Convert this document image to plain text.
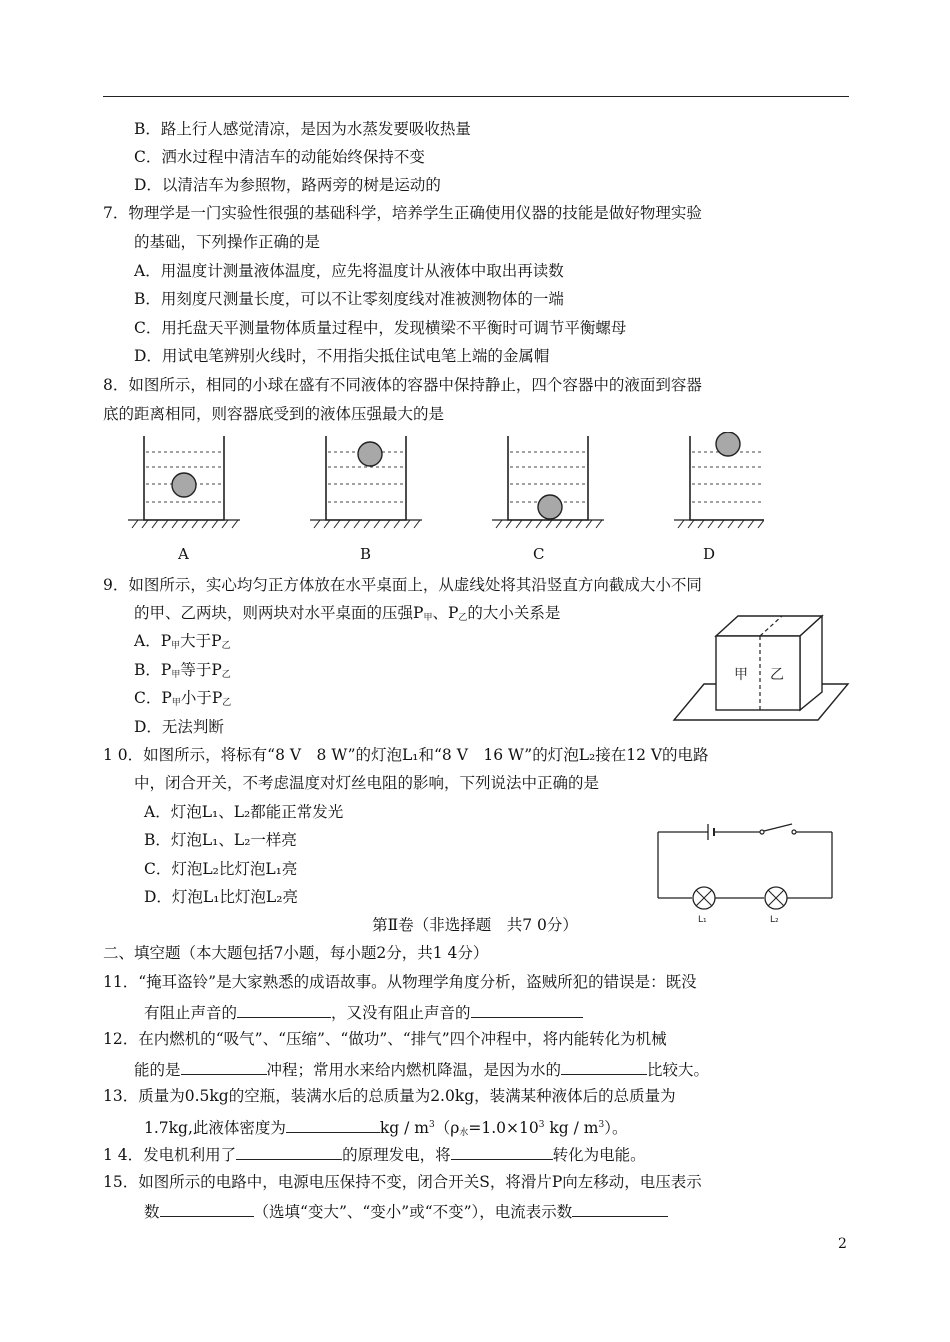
B．路上行人感觉清凉，是因为水蒸发要吸收热量
C．洒水过程中清洁车的动能始终保持不变
D．以清洁车为参照物，路两旁的树是运动的
7．物理学是一门实验性很强的基础科学，培养学生正确使用仪器的技能是做好物理实验
的基础，下列操作正确的是
A．用温度计测量液体温度，应先将温度计从液体中取出再读数
B．用刻度尺测量长度，可以不让零刻度线对准被测物体的一端
C．用托盘天平测量物体质量过程中，发现横梁不平衡时可调节平衡螺母
D．用试电笔辨别火线时，不用指尖抵住试电笔上端的金属帽
8．如图所示，相同的小球在盛有不同液体的容器中保持静止，四个容器中的液面到容器
底的距离相同，则容器底受到的液体压强最大的是
A	B	C	D
9．如图所示，实心均匀正方体放在水平桌面上，从虚线处将其沿竖直方向截成大小不同
的甲、乙两块，则两块对水平桌面的压强$P_甲$、$P_乙$的大小关系是
A．$P_甲$大于$P_乙$
B．$P_甲$等于$P_乙$
C．$P_甲$小于$P_乙$
D．无法判断
甲 乙
1 0．如图所示，将标有“8 V　8 W”的灯泡L₁和“8 V　16 W”的灯泡L₂接在12 V的电路
中，闭合开关，不考虑温度对灯丝电阻的影响，下列说法中正确的是
A．灯泡L₁、L₂都能正常发光
B．灯泡L₁、L₂一样亮
C．灯泡L₂比灯泡L₁亮
D．灯泡L₁比灯泡L₂亮
L₁	L₂
第Ⅱ卷（非选择题　共7 0分）
二、填空题（本大题包括7小题，每小题2分，共1 4分）
11．“掩耳盗铃”是大家熟悉的成语故事。从物理学角度分析，盗贼所犯的错误是：既没
有阻止声音的	，又没有阻止声音的
12．在内燃机的“吸气”、“压缩”、“做功”、“排气”四个冲程中，将内能转化为机械
能的是	冲程；常用水来给内燃机降温，是因为水的	比较大。
13．质量为0.5kg的空瓶，装满水后的总质量为2.0kg，装满某种液体后的总质量为
1.7kg,此液体密度为	kg / $m^3(\rho_水=1.0\times 10^3$ kg / $m^3$）。
1 4．发电机利用了	的原理发电，将	转化为电能。
15．如图所示的电路中，电源电压保持不变，闭合开关S，将滑片P向左移动，电压表示
数	（选填“变大”、“变小”或“不变”），电流表示数
2
